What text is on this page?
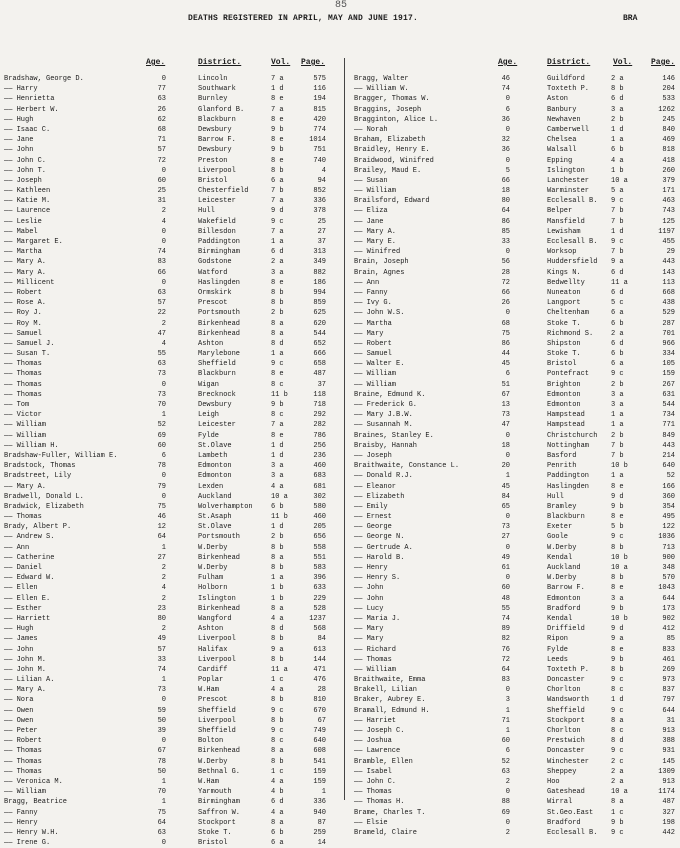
85
DEATHS REGISTERED IN APRIL, MAY AND JUNE 1917.	BRA
Age.	District.	Vol. Page.
Bradshaw, George D.	0	Lincoln	7 a	575
—— Harry	77	Southwark	1 d	116
—— Henrietta	63	Burnley	8 e	194
—— Herbert W.	26	Glanford B.	7 a	815
—— Hugh	62	Blackburn	8 e	420
—— Isaac C.	68	Dewsbury	9 b	774
—— Jane	71	Barrow F.	8 e	1014
—— John	57	Dewsbury	9 b	751
—— John C.	72	Preston	8 e	740
—— John T.	0	Liverpool	8 b	4
—— Joseph	60	Bristol	6 a	94
—— Kathleen	25	Chesterfield	7 b	852
—— Katie M.	31	Leicester	7 a	336
—— Laurence	2	Hull	9 d	378
—— Leslie	4	Wakefield	9 c	25
—— Mabel	0	Billesdon	7 a	27
—— Margaret E.	0	Paddington	1 a	37
—— Martha	74	Birmingham	6 d	313
—— Mary A.	83	Godstone	2 a	349
—— Mary A.	66	Watford	3 a	882
—— Millicent	0	Haslingden	8 e	186
—— Robert	63	Ormskirk	8 b	994
—— Rose A.	57	Prescot	8 b	859
—— Roy J.	22	Portsmouth	2 b	625
—— Roy M.	2	Birkenhead	8 a	620
—— Samuel	47	Birkenhead	8 a	544
—— Samuel J.	4	Ashton	8 d	652
—— Susan T.	55	Marylebone	1 a	666
—— Thomas	63	Sheffield	9 c	658
—— Thomas	73	Blackburn	8 e	487
—— Thomas	0	Wigan	8 c	37
—— Thomas	73	Brecknock	11 b	118
—— Tom	70	Dewsbury	9 b	718
—— Victor	1	Leigh	8 c	292
—— William	52	Leicester	7 a	282
—— William	69	Fylde	8 e	786
—— William H.	60	St.Olave	1 d	256
Bradshaw-Fuller, William E.	6	Lambeth	1 d	236
Bradstock, Thomas	78	Edmonton	3 a	460
Bradstreet, Lily	0	Edmonton	3 a	683
—— Mary A.	79	Lexden	4 a	681
Bradwell, Donald L.	0	Auckland	10 a	302
Bradwick, Elizabeth	75	Wolverhampton	6 b	580
—— Thomas	46	St.Asaph	11 b	460
Brady, Albert P.	12	St.Olave	1 d	205
—— Andrew S.	64	Portsmouth	2 b	656
—— Ann	1	W.Derby	8 b	558
—— Catherine	27	Birkenhead	8 a	551
—— Daniel	2	W.Derby	8 b	583
—— Edward W.	2	Fulham	1 a	396
—— Ellen	4	Holborn	1 b	633
—— Ellen E.	2	Islington	1 b	229
—— Esther	23	Birkenhead	8 a	528
—— Harriett	80	Wangford	4 a	1237
—— Hugh	2	Ashton	8 d	568
—— James	49	Liverpool	8 b	84
—— John	57	Halifax	9 a	613
—— John M.	33	Liverpool	8 b	144
—— John M.	74	Cardiff	11 a	471
—— Lilian A.	1	Poplar	1 c	476
—— Mary A.	73	W.Ham	4 a	28
—— Nora	0	Prescot	8 b	810
—— Owen	59	Sheffield	9 c	670
—— Owen	50	Liverpool	8 b	67
—— Peter	39	Sheffield	9 c	749
—— Robert	0	Bolton	8 c	640
—— Thomas	67	Birkenhead	8 a	608
—— Thomas	78	W.Derby	8 b	541
—— Thomas	50	Bethnal G.	1 c	159
—— Veronica M.	1	W.Ham	4 a	159
—— William	70	Yarmouth	4 b	1
Bragg, Beatrice	1	Birmingham	6 d	336
—— Fanny	75	Saffron W.	4 a	940
—— Henry	64	Stockport	8 a	87
—— Henry W.H.	63	Stoke T.	6 b	259
—— Irene G.	0	Bristol	6 a	14
Age.	District.	Vol. Page.
Bragg, Walter	46	Guildford	2 a	146
—— William W.	74	Toxteth P.	8 b	204
Bragger, Thomas W.	0	Aston	6 d	533
Braggins, Joseph	6	Banbury	3 a	1262
Bragginton, Alice L.	36	Newhaven	2 b	245
—— Norah	0	Camberwell	1 d	840
Braham, Elizabeth	32	Chelsea	1 a	469
Braidley, Henry E.	36	Walsall	6 b	818
Braidwood, Winifred	0	Epping	4 a	418
Brailey, Maud E.	5	Islington	1 b	260
—— Susan	66	Lanchester	10 a	379
—— William	18	Warminster	5 a	171
Brailsford, Edward	80	Ecclesall B.	9 c	463
—— Eliza	64	Belper	7 b	743
—— Jane	86	Mansfield	7 b	125
—— Mary A.	85	Lewisham	1 d	1197
—— Mary E.	33	Ecclesall B.	9 c	455
—— Winifred	0	Worksop	7 b	29
Brain, Joseph	56	Huddersfield	9 a	443
Brain, Agnes	28	Kings N.	6 d	143
—— Ann	72	Bedwellty	11 a	113
—— Fanny	66	Nuneaton	6 d	668
—— Ivy G.	26	Langport	5 c	438
—— John W.S.	0	Cheltenham	6 a	529
—— Martha	68	Stoke T.	6 b	287
—— Mary	75	Richmond S.	2 a	701
—— Robert	86	Shipston	6 d	966
—— Samuel	44	Stoke T.	6 b	334
—— Walter E.	45	Bristol	6 a	105
—— William	6	Pontefract	9 c	159
—— William	51	Brighton	2 b	267
Braine, Edmund K.	67	Edmonton	3 a	631
—— Frederick G.	13	Edmonton	3 a	544
—— Mary J.B.W.	73	Hampstead	1 a	734
—— Susannah M.	47	Hampstead	1 a	771
Braines, Stanley E.	0	Christchurch	2 b	849
Braisby, Hannah	18	Nottingham	7 b	443
—— Joseph	0	Basford	7 b	214
Braithwaite, Constance L.	20	Penrith	10 b	640
—— Donald R.J.	1	Paddington	1 a	52
—— Eleanor	45	Haslingden	8 e	166
—— Elizabeth	84	Hull	9 d	360
—— Emily	65	Bramley	9 b	354
—— Ernest	0	Blackburn	8 e	495
—— George	73	Exeter	5 b	122
—— George N.	27	Goole	9 c	1036
—— Gertrude A.	0	W.Derby	8 b	713
—— Harold B.	49	Kendal	10 b	900
—— Henry	61	Auckland	10 a	348
—— Henry S.	0	W.Derby	8 b	570
—— John	60	Barrow F.	8 e	1043
—— John	48	Edmonton	3 a	644
—— Lucy	55	Bradford	9 b	173
—— Maria J.	74	Kendal	10 b	902
—— Mary	89	Driffield	9 d	412
—— Mary	82	Ripon	9 a	85
—— Richard	76	Fylde	8 e	833
—— Thomas	72	Leeds	9 b	461
—— William	64	Toxteth P.	8 b	269
Braithwaite, Emma	83	Doncaster	9 c	973
Brakell, Lilian	0	Chorlton	8 c	837
Braker, Aubrey E.	3	Wandsworth	1 d	797
Bramall, Edmund H.	1	Sheffield	9 c	644
—— Harriet	71	Stockport	8 a	31
—— Joseph C.	1	Chorlton	8 c	913
—— Joshua	60	Prestwich	8 d	388
—— Lawrence	6	Doncaster	9 c	931
Bramble, Ellen	52	Winchester	2 c	145
—— Isabel	63	Sheppey	2 a	1309
—— John C.	2	Hoo	2 a	913
—— Thomas	0	Gateshead	10 a	1174
—— Thomas H.	88	Wirral	8 a	487
Brame, Charles T.	69	St.Geo.East	1 c	327
—— Elsie	0	Bradford	9 b	198
Brameld, Claire	2	Ecclesall B.	9 c	442
